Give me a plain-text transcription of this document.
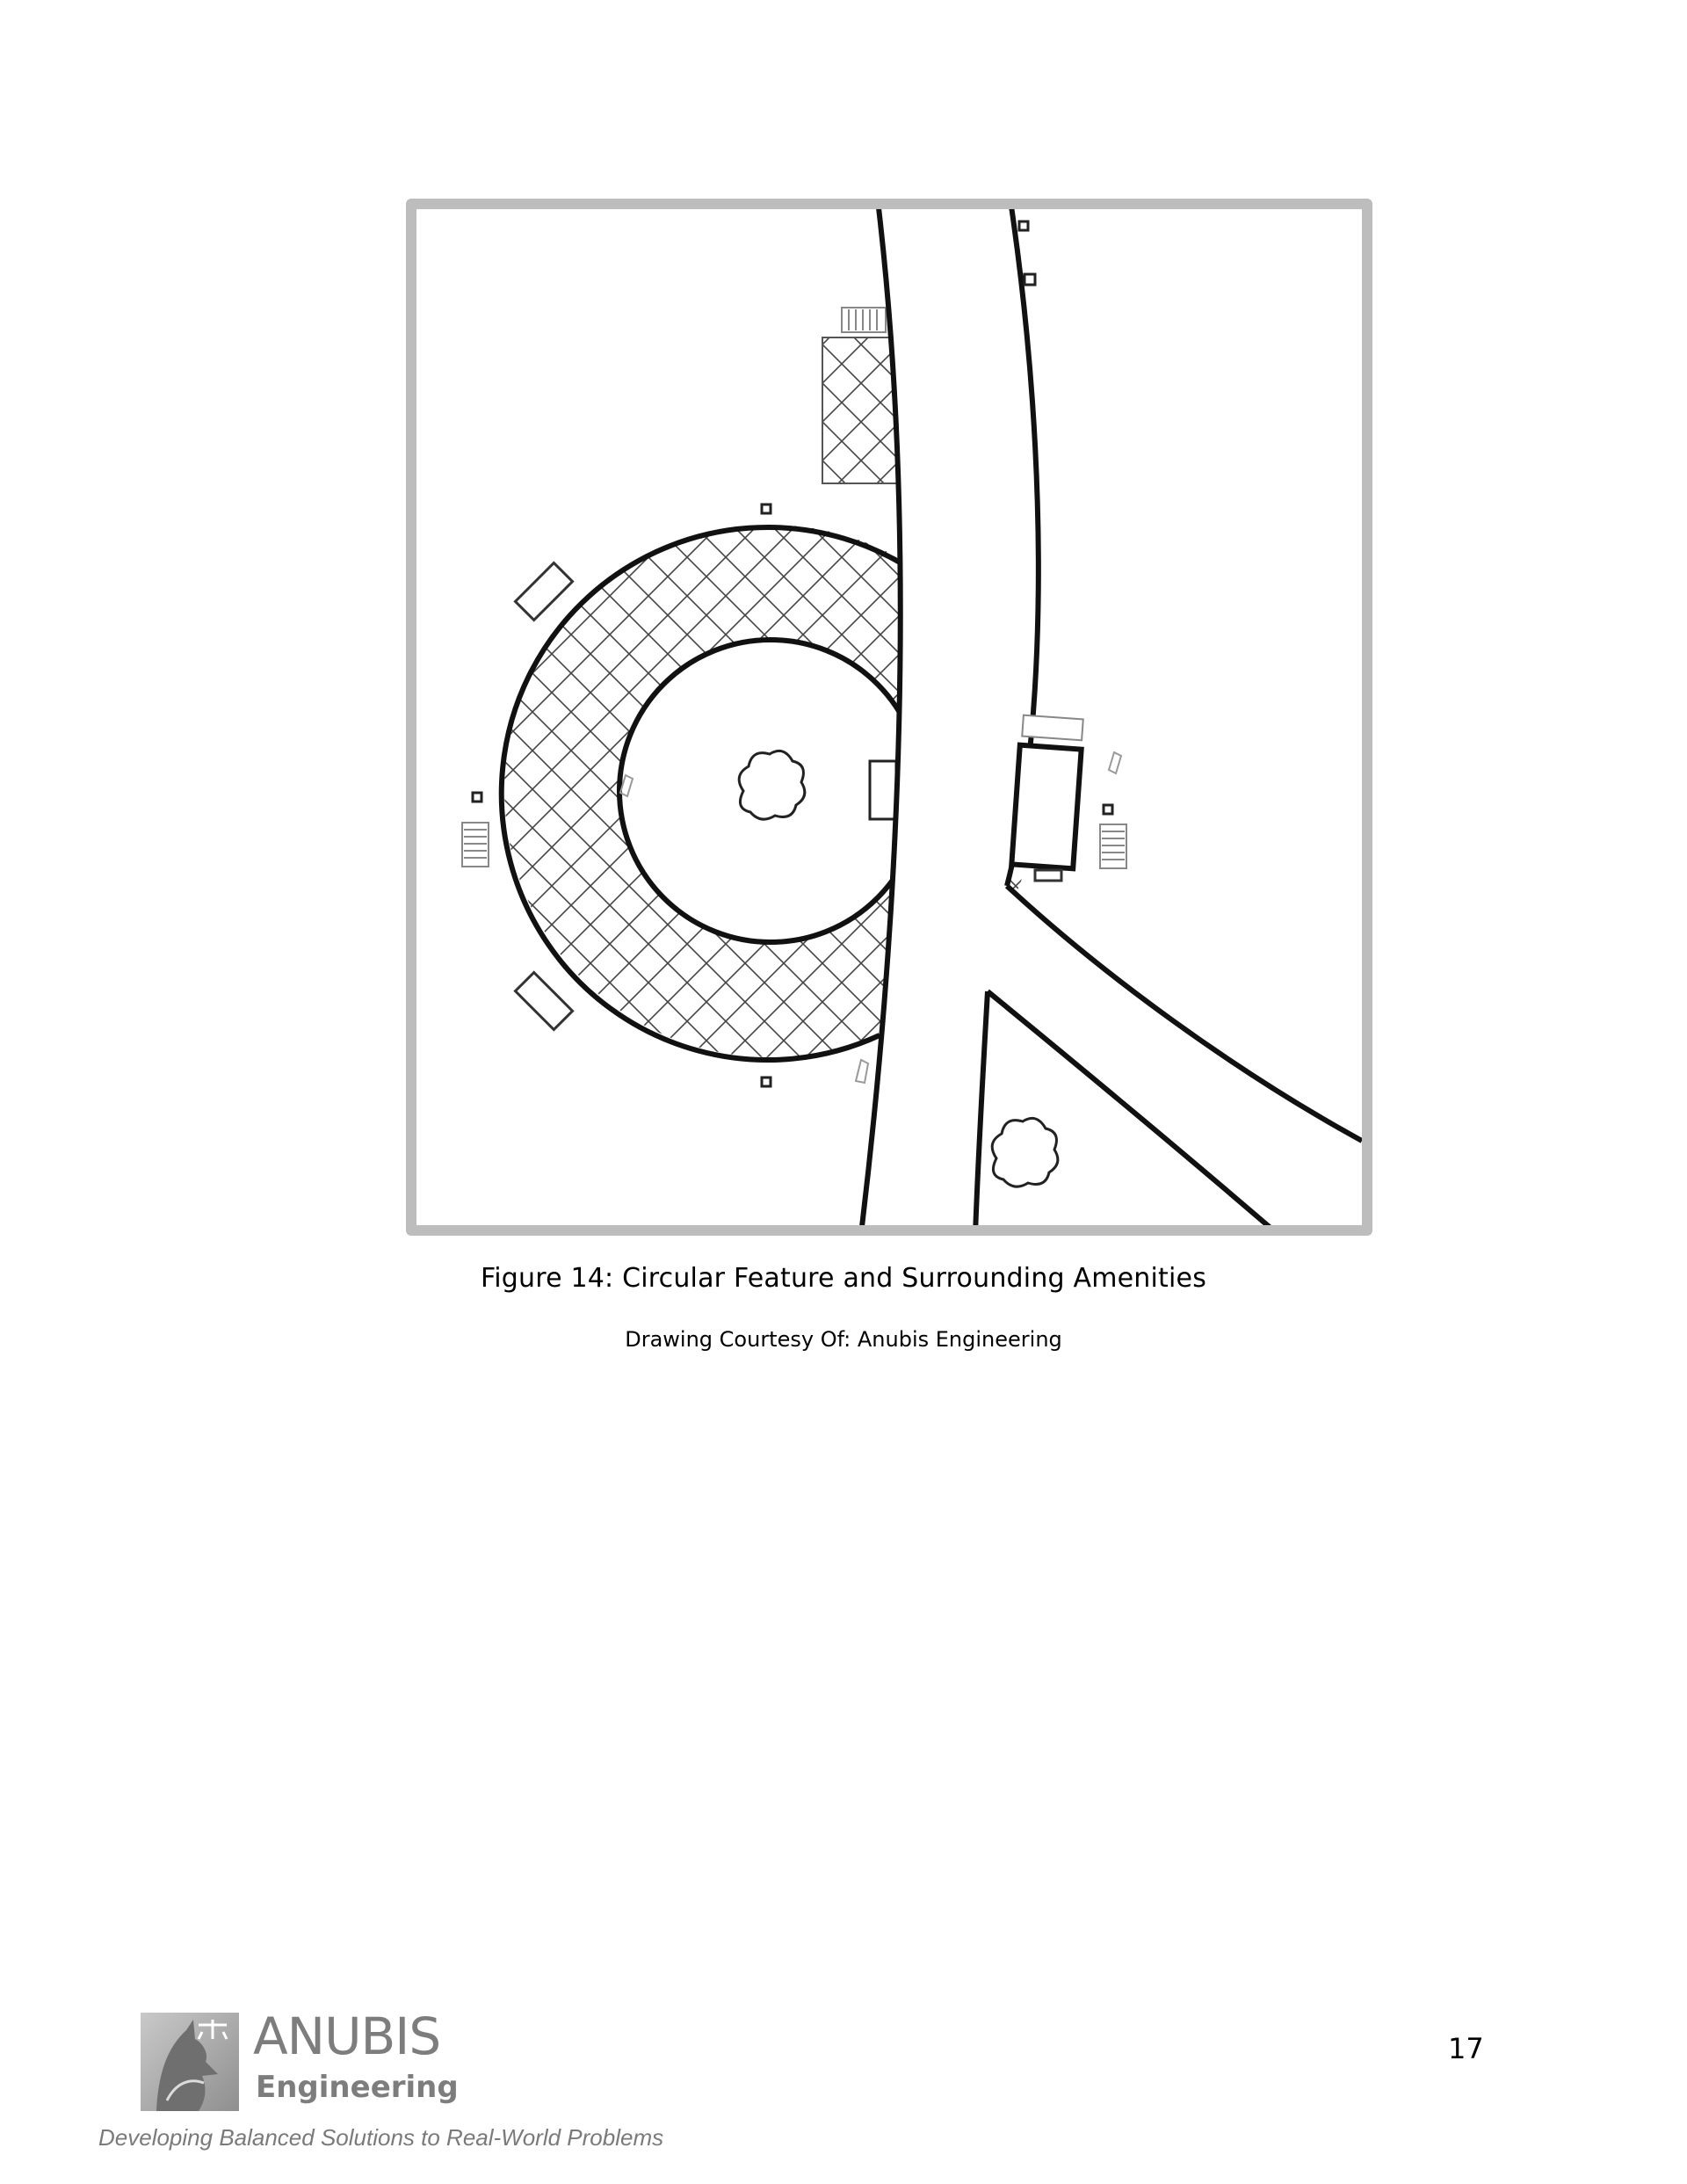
Figure 14: Circular Feature and Surrounding Amenities
Drawing Courtesy Of: Anubis Engineering
17
ANUBIS
Engineering
Developing Balanced Solutions to Real-World Problems
